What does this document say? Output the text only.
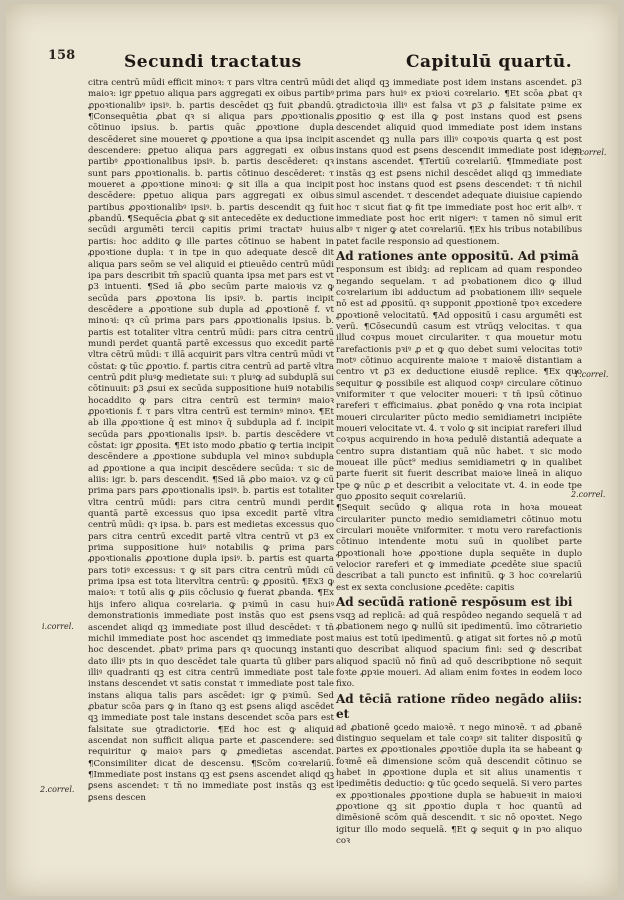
158	Secundi tractatus	Capitulū quartū.
i.correl.
2.correl.
3.correl.
1.correl.
2.correl.

citra centrū mūdi efficit minoꝛ: τ pars vltra centrū mūdi maioꝛ: igr ꝑpetuo aliqua pars aggregati ex oibus partibꝰ ꝓpoꝛtionalibꝰ ipsiꝰ. b. partis descēdet qꝫ fuit ꝓbandū. ¶Consequētia ꝓbat qꝛ si aliqua pars ꝓpoꝛtionalis cōtinuo ipsius. b. partis quāc ꝓpoꝛtione dupla descēderet sine moueret ꝙ ꝓpoꝛtione a qua ipsa incipit descendere: ꝑpetuo aliqua pars aggregati ex oibus partibꝰ ꝓpoꝛtionalibus ipsiꝰ. b. partis descēderet: qꝛ sunt pars ꝓpoꝛtionalis. b. partis cōtinuo descēderet: τ moueret a ꝓpoꝛtione minoꝛi: ꝙ sit illa a qua incipit descēdere: ꝑpetuo aliqua pars aggregati ex oibus partibus ꝓpoꝛtionalibꝰ ipsiꝰ. b. partis descendit qꝫ fuit ꝓbandū. ¶Sequēcia ꝓbat ꝙ sit antecedēte ex deductione secūdi argumēti tercii capitis primi tractatꝰ huius partis: hoc addito ꝙ ille partes cōtinuo se habent in ꝓpoꝛtione dupla: τ in tpe in quo adequate descē dit aliqua pars seōm se vel aliquid ei ꝑtieuēdo centrū mūdi ipa pars describit tm̄ spaciū quanta ipsa met pars est vt ꝑ3 intuenti. ¶Sed iā ꝓbo secūm parte maioꝛis vz ꝙ secūda pars ꝓpoꝛtona lis ipsiꝰ. b. partis incipit descēdere a ꝓpoꝛtione sub dupla ad ꝓpoꝛtionē f. vt minoꝛi: qꝛ cū prima pars pars ꝓpoꝛtionalis ipsius. b. partis est totaliter vltra centrū mūdi: pars citra centrū mundi perdet quantā partē excessus quo excedit partē vltra cētrū mūdi: τ illā acquirit pars vltra centrū mūdi vt cōstat: ꝙ tūc ꝓpoꝛtio. f. partis citra centrū ad partē vltra centrū ꝑdit pluꝰꝙ medietate sui: τ pluꝰꝙ ad subduplā sui cōtinuuit: ꝑ3 ꝓsui ex secūda suppositione hui9 notabilis hocaddito ꝙ pars citra centrū est terminꝰ maioꝛ ꝓpoꝛtionis f. τ pars vltra centrū est terminꝰ minoꝛ. ¶Et ab illa ꝓpoꝛtione q̄ est minoꝛ q̄ subdupla ad f. incipit secūda pars ꝓpoꝛtionalis ipsiꝰ. b. partis descēdere vt cōstat: igr ꝓposita. ¶Et isto modo ꝓbatio ꝙ tertia incipit descēndere a ꝓpoꝛtione subdupla vel minoꝛ subdupla ad ꝓpoꝛtione a qua incipit descēdere secūda: τ sic de aliis: igr. b. pars descendit. ¶Sed iā ꝓbo maioꝛ. vz ꝙ cū prima pars pars ꝓpoꝛtionalis ipsiꝰ. b. partis est totaliter vltra centrū mūdi: pars citra centrū mundi perdit quantā partē excessus quo ipsa excedit partē vltra centrū mūdi: qꝛ ipsa. b. pars est medietas excessus quo pars citra centrū excedit partē vltra centrū vt ꝑ3 ex prima suppositione huiꝰ notabilis ꝙ prima pars ꝓpoꝛtionalis ꝓpoꝛtione dupla ipsiꝰ. b. partis est quarta pars totiꝰ excessus: τ ꝙ sit pars citra centrū mūdi cū prima ipsa est tota litervltra centrū: ꝙ ꝓpositū. ¶Ex3 ꝙ maioꝛ: τ totū alis ꝙ ꝓiis cōclusio ꝙ fuerat ꝓbanda. ¶Ex hijs infero aliqua coꝛrelaria. ꝙ pꝛimū in casu huiꝰ demonstrationis immediate post instās quo est ꝑsens ascendet aliqd qꝫ immediate post illud descēdet: τ tn̄ michil immediate post hoc ascendet qꝫ immediate post hoc descendet. ꝓbatꝰ prima pars qꝛ quocunqꝫ instanti dato illiꝰ pts in quo descēdet tale quarta tū gliber pars illiꝰ quadranti qꝫ est citra centrū immediate post tale instans descendet vt satis constat τ immediate post tale instans aliqua talis pars ascēdet: igr ꝙ pꝛimū. Sed ꝓbatur scōa pars ꝙ in ſtano qꝫ est ꝑsens aliqd ascēdet qꝫ immediate post tale instans descendet scōa pars est falsitate sue ꝯtradictorie. ¶Ed hoc est ꝙ aliquid ascendat non sufficit aliqua parte et ꝓascendere: sed requiritur ꝙ maioꝛ pars ꝙ ꝓmedietas ascendat. ¶Consimiliter dicat de descensu. ¶Scōm coꝛrelariū. ¶Immediate post instans qꝫ est ꝑsens ascendet aliqd qꝫ ꝑsens ascendet: τ tn̄ no immediate post instās qꝫ est ꝑsens descen

det aliqd qꝫ immediate post idem instans ascendet. ꝑ3 prima pars huiꝰ ex pꝛioꝛi coꝛrelario. ¶Et scōa ꝓbat qꝛ ꝯtradictoꝛia illiꝰ est falsa vt ꝑ3 ꝓ falsitate pꝛime ex ꝓpositio ꝙ est illa ꝙ post instans quod est ꝑsens descendet aliquid quod immediate post idem instans ascendet qꝫ nulla pars illiꝰ coꝛpoꝛis quarta ꝗ est post instans quod est ꝑsens descendit immediate post idem instans ascendet. ¶Tertiū coꝛrelariū. ¶Immediate post instās qꝫ est ꝑsens nichil descēdet aliqd qꝫ immediate post hoc instans quod est ꝑsens descendet: τ tn̄ nichil simul ascendet. τ descendet adequate diuisiue capiendo hoc τ sicut fiat ꝙ fit tpe immediate post hoc erit albꝰ. τ immediate post hoc erit nigerꝰ: τ tamen nō simul erit albꝰ τ niger ꝙ atet coꝛrelariū. ¶Ex his tribus notabilibus patet facile responsio ad questionem.

Ad rationes ante oppositū. Ad pꝛimā

responsum est ibidꝫ: ad replicam ad quam respondeo negando sequelam. τ ad pꝛobationem dico ꝙ illud coꝛrelarium ibi adductum ad pꝛobationem illiꝰ sequele nō est ad ꝓpositū. qꝛ supponit ꝓpoꝛtionē tpoꝛ excedere ꝓpoꝛtionē velocitatū. ¶Ad oppositū i casu argumēti est verū. ¶Cōsecundū casum est vtrūqꝫ velocitas. τ qua illud coꝛpus mouet circulariter. τ qua mouetur motu rarefactionis pꝛiꝰ ꝓ et ꝙ quo debet sumi velocitas totiꝰ motꝰ cōtinuo acquirente maioꝛe τ maioꝛē distantiam a centro vt ꝑ3 ex deductione eiusdē replice. ¶Ex quo sequitur ꝙ possibile est aliquod coꝛpꝰ circulare cōtinuo vniformiter τ que velociter moueri: τ tn̄ ipsū cōtinuo rareferi τ efficimaius. ꝓbat ponēdo ꝙ vna rota incipiat moueri circulariter pūcto medio semidiametri incipiēte moueri velocitate vt. 4. τ volo ꝙ sit incipiat rareferi illud coꝛpus acquirendo in hoꝛa pedulē distantiā adequate a centro supra distantiam quā nūc habet. τ sic modo moueat ille pūct⁹ medius semidiametri ꝙ in qualibet parte fuerit sit fuerit describat maioꝛe lineā in aliquo tpe ꝙ nūc ꝓ et describit a velocitate vt. 4. in eode tpe quo ꝓposito sequit coꝛrelariū.

¶Sequit secūdo ꝙ aliqua rota in hoꝛa moueat circulariter puncto medio semidiametri cōtinuo motu circulari mouēte vniformiter. τ motu vero rarefactionis cōtinuo intendente motu suū in quolibet parte ꝓpoꝛtionali hoꝛe ꝓpoꝛtione dupla sequēte in duplo velocior rareferi et ꝙ immediate ꝓcedēte siue spaciū describat a tali puncto est infinitū. ꝙ 3 hoc coꝛrelariū est ex sexta conclusione ꝓcedēte: capitis

Ad secūdā rationē respōsum est ibi

vsqꝫ ad replicā: ad quā respōdeo negando sequelā τ ad ꝓbationem nego ꝙ nullū sit ipedimentū. īmo cōtrarietio maius est totū ipedimentū. ꝙ atigat sit fortes nō ꝓ motū quo describat aliquod spacium fini: sed ꝙ describat aliquod spaciū nō finū ad quō describptione nō sequit foꝛte ꝓpꝛie moueri. Ad aliam enim foꝛtes in eodem loco fixo.

Ad tēciā ratione rñdeo negādo aliis: et

ad ꝓbationē ꝯcedo maioꝛē. τ nego minoꝛē. τ ad ꝓbanē distinguo sequelam et tale coꝛpꝰ sit taliter dispositū ꝙ partes ex ꝓpoꝛtionales ꝓpoꝛtiōe dupla ita se habeant ꝙ foꝛmē eā dimensione scōm quā descendit cōtinuo se habet in ꝓpoꝛtione dupla et sit alius unamentis τ ipedimētis deductio: ꝙ tūc ꝯcedo sequelā. Si vero partes ex ꝓpoꝛtionales ꝓpoꝛtione dupla se habueꝛit in maioꝛi ꝓpoꝛtione qꝫ sit ꝓpoꝛtio dupla τ hoc quantū ad dimēsionē scōm quā descendit. τ sic nō opoꝛtet. Nego igitur illo modo sequelā. ¶Et ꝙ sequit ꝙ in pꝛo aliquo coꝛ
